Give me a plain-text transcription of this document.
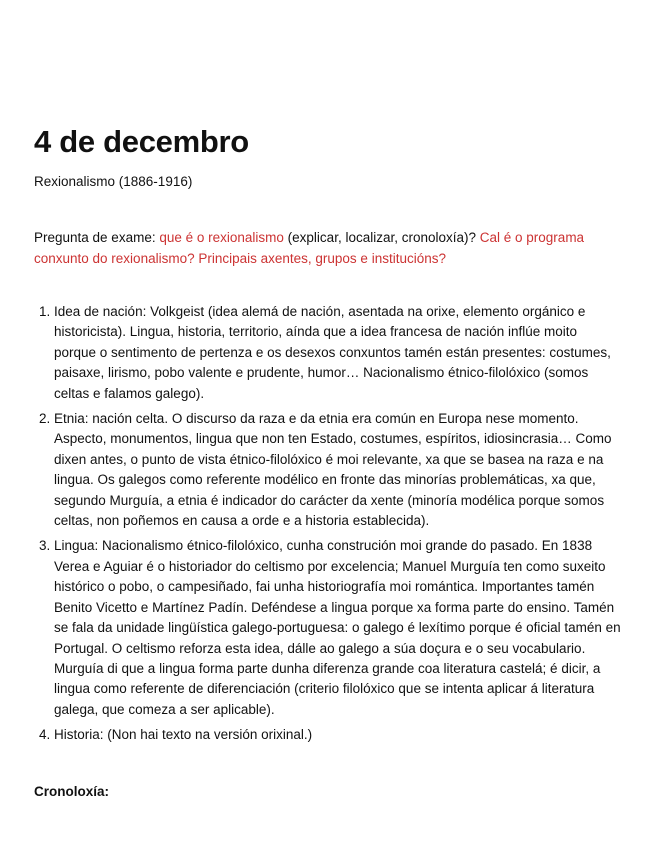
4 de decembro
Rexionalismo (1886-1916)
Pregunta de exame: que é o rexionalismo (explicar, localizar, cronoloxía)? Cal é o programa conxunto do rexionalismo? Principais axentes, grupos e institucións?
1. Idea de nación: Volkgeist (idea alemá de nación, asentada na orixe, elemento orgánico e historicista). Lingua, historia, territorio, aínda que a idea francesa de nación inflúe moito porque o sentimento de pertenza e os desexos conxuntos tamén están presentes: costumes, paisaxe, lirismo, pobo valente e prudente, humor… Nacionalismo étnico-filolóxico (somos celtas e falamos galego).
2. Etnia: nación celta. O discurso da raza e da etnia era común en Europa nese momento. Aspecto, monumentos, lingua que non ten Estado, costumes, espíritos, idiosincrasia… Como dixen antes, o punto de vista étnico-filolóxico é moi relevante, xa que se basea na raza e na lingua. Os galegos como referente modélico en fronte das minorías problemáticas, xa que, segundo Murguía, a etnia é indicador do carácter da xente (minoría modélica porque somos celtas, non poñemos en causa a orde e a historia establecida).
3. Lingua: Nacionalismo étnico-filolóxico, cunha construción moi grande do pasado. En 1838 Verea e Aguiar é o historiador do celtismo por excelencia; Manuel Murguía ten como suxeito histórico o pobo, o campesiñado, fai unha historiografía moi romántica. Importantes tamén Benito Vicetto e Martínez Padín. Deféndese a lingua porque xa forma parte do ensino. Tamén se fala da unidade lingüística galego-portuguesa: o galego é lexítimo porque é oficial tamén en Portugal. O celtismo reforza esta idea, dálle ao galego a súa doçura e o seu vocabulario. Murguía di que a lingua forma parte dunha diferenza grande coa literatura castelá; é dicir, a lingua como referente de diferenciación (criterio filolóxico que se intenta aplicar á literatura galega, que comeza a ser aplicable).
4. Historia: (Non hai texto na versión orixinal.)
Cronoloxía:
